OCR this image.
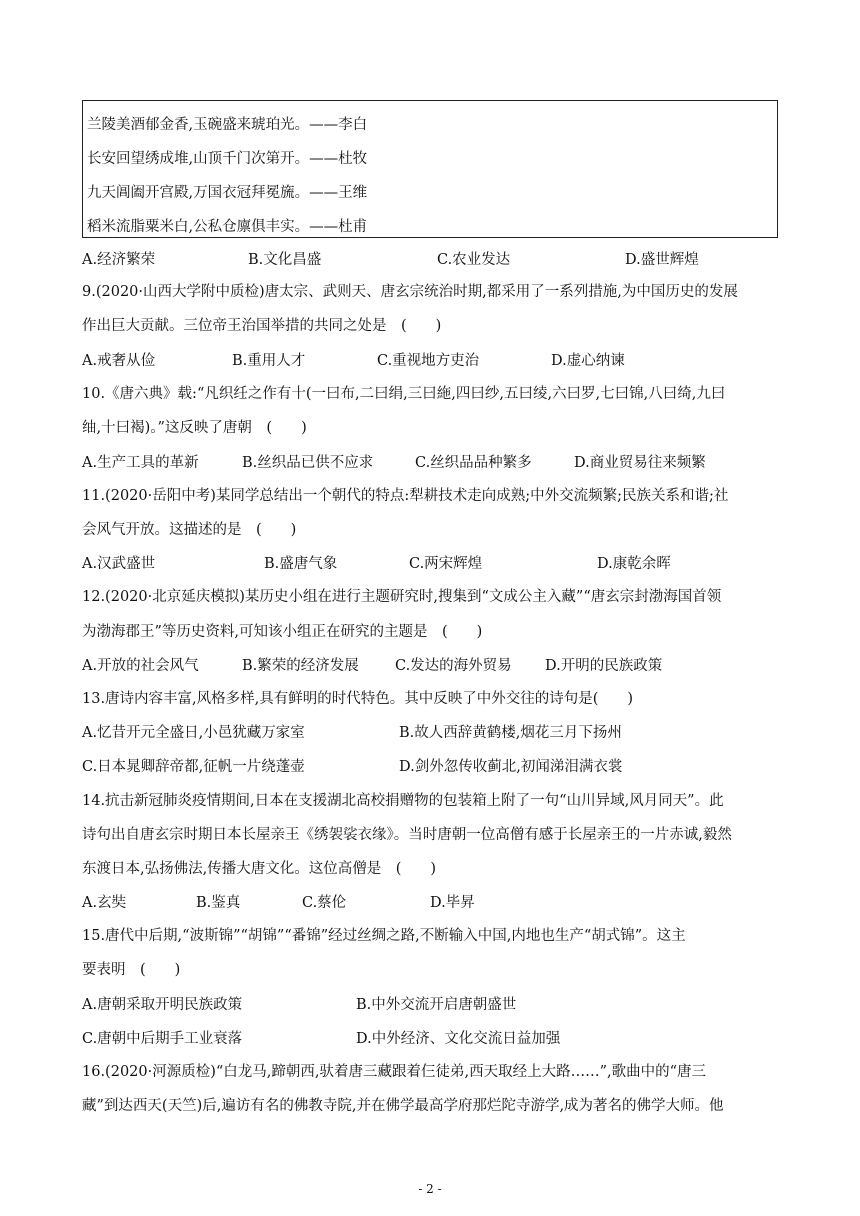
兰陵美酒郁金香,玉碗盛来琥珀光。——李白
长安回望绣成堆,山顶千门次第开。——杜牧
九天阊阖开宫殿,万国衣冠拜冕旒。——王维
稻米流脂粟米白,公私仓廪俱丰实。——杜甫
A.经济繁荣	B.文化昌盛	C.农业发达	D.盛世辉煌
9.(2020·山西大学附中质检)唐太宗、武则天、唐玄宗统治时期,都采用了一系列措施,为中国历史的发展
作出巨大贡献。三位帝王治国举措的共同之处是　(　　)
A.戒奢从俭	B.重用人才	C.重视地方吏治	D.虚心纳谏
10.《唐六典》载:“凡织纴之作有十(一曰布,二曰绢,三曰絁,四曰纱,五曰绫,六曰罗,七曰锦,八曰绮,九曰
䌷,十曰褐)。”这反映了唐朝　(　　)
A.生产工具的革新	B.丝织品已供不应求	C.丝织品品种繁多	D.商业贸易往来频繁
11.(2020·岳阳中考)某同学总结出一个朝代的特点:犁耕技术走向成熟;中外交流频繁;民族关系和谐;社
会风气开放。这描述的是　(　　)
A.汉武盛世	B.盛唐气象	C.两宋辉煌	D.康乾余晖
12.(2020·北京延庆模拟)某历史小组在进行主题研究时,搜集到“文成公主入藏”“唐玄宗封渤海国首领
为渤海郡王”等历史资料,可知该小组正在研究的主题是　(　　)
A.开放的社会风气	B.繁荣的经济发展 C.发达的海外贸易 D.开明的民族政策
13.唐诗内容丰富,风格多样,具有鲜明的时代特色。其中反映了中外交往的诗句是(　　)
A.忆昔开元全盛日,小邑犹藏万家室	B.故人西辞黄鹤楼,烟花三月下扬州
C.日本晁卿辞帝都,征帆一片绕蓬壶	D.剑外忽传收蓟北,初闻涕泪满衣裳
14.抗击新冠肺炎疫情期间,日本在支援湖北高校捐赠物的包装箱上附了一句“山川异域,风月同天”。此
诗句出自唐玄宗时期日本长屋亲王《绣袈裟衣缘》。当时唐朝一位高僧有感于长屋亲王的一片赤诚,毅然
东渡日本,弘扬佛法,传播大唐文化。这位高僧是　(　　)
A.玄奘	B.鉴真	C.蔡伦	D.毕昇
15.唐代中后期,“波斯锦”“胡锦”“番锦”经过丝绸之路,不断输入中国,内地也生产“胡式锦”。这主
要表明　(　　)
A.唐朝采取开明民族政策	B.中外交流开启唐朝盛世
C.唐朝中后期手工业衰落	D.中外经济、文化交流日益加强
16.(2020·河源质检)“白龙马,蹄朝西,驮着唐三藏跟着仨徒弟,西天取经上大路……”,歌曲中的“唐三
藏”到达西天(天竺)后,遍访有名的佛教寺院,并在佛学最高学府那烂陀寺游学,成为著名的佛学大师。他
- 2 -
